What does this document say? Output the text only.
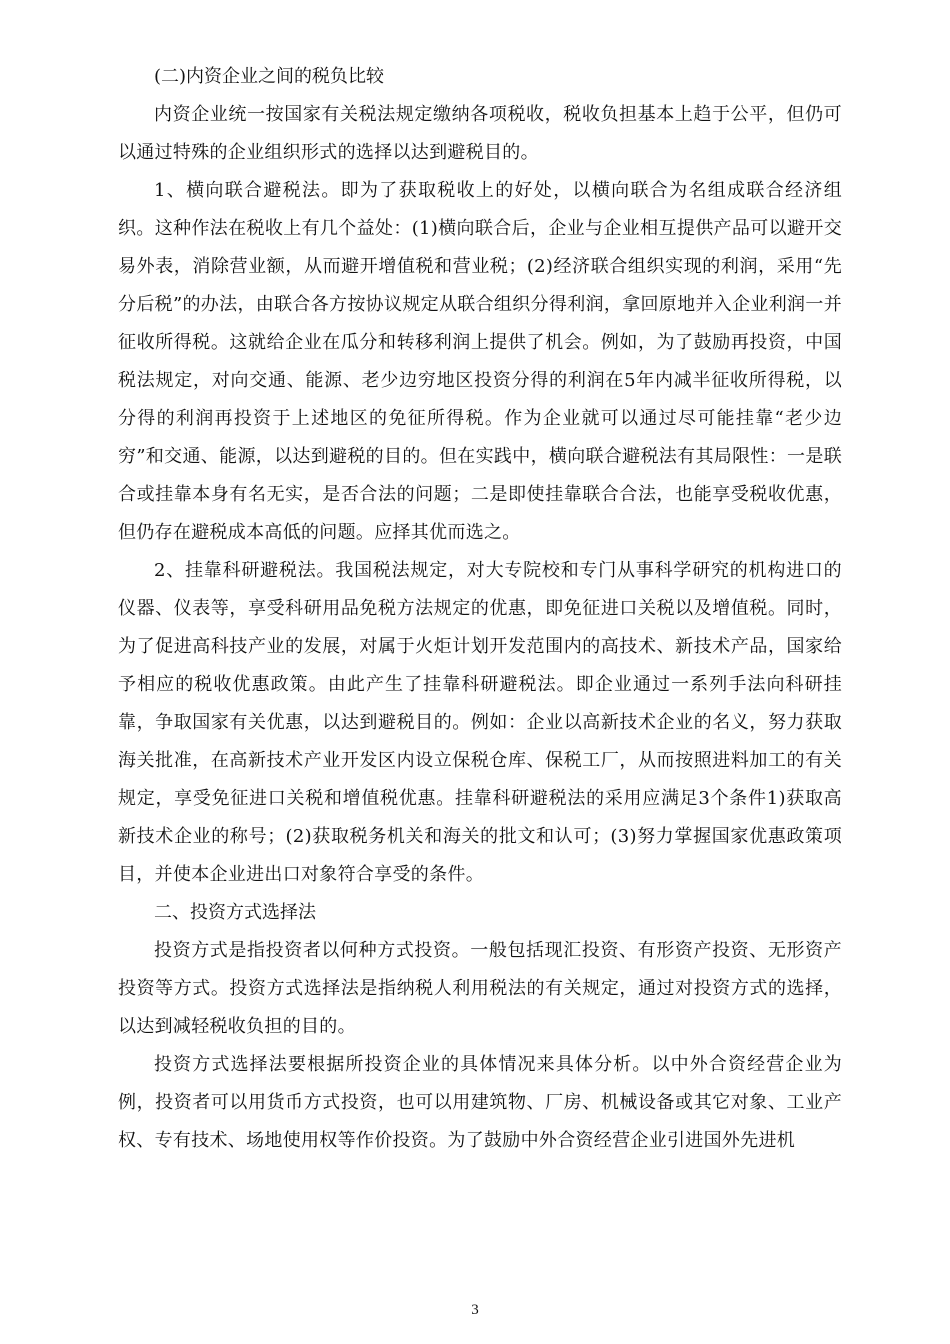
(二)内资企业之间的税负比较

内资企业统一按国家有关税法规定缴纳各项税收，税收负担基本上趋于公平，但仍可以通过特殊的企业组织形式的选择以达到避税目的。

1、横向联合避税法。即为了获取税收上的好处，以横向联合为名组成联合经济组织。这种作法在税收上有几个益处：(1)横向联合后，企业与企业相互提供产品可以避开交易外表，消除营业额，从而避开增值税和营业税；(2)经济联合组织实现的利润，采用“先分后税”的办法，由联合各方按协议规定从联合组织分得利润，拿回原地并入企业利润一并征收所得税。这就给企业在瓜分和转移利润上提供了机会。例如，为了鼓励再投资，中国税法规定，对向交通、能源、老少边穷地区投资分得的利润在5年内减半征收所得税，以分得的利润再投资于上述地区的免征所得税。作为企业就可以通过尽可能挂靠“老少边穷”和交通、能源，以达到避税的目的。但在实践中，横向联合避税法有其局限性：一是联合或挂靠本身有名无实，是否合法的问题；二是即使挂靠联合合法，也能享受税收优惠，但仍存在避税成本高低的问题。应择其优而选之。

2、挂靠科研避税法。我国税法规定，对大专院校和专门从事科学研究的机构进口的仪器、仪表等，享受科研用品免税方法规定的优惠，即免征进口关税以及增值税。同时，为了促进高科技产业的发展，对属于火炬计划开发范围内的高技术、新技术产品，国家给予相应的税收优惠政策。由此产生了挂靠科研避税法。即企业通过一系列手法向科研挂靠，争取国家有关优惠，以达到避税目的。例如：企业以高新技术企业的名义，努力获取海关批准，在高新技术产业开发区内设立保税仓库、保税工厂，从而按照进料加工的有关规定，享受免征进口关税和增值税优惠。挂靠科研避税法的采用应满足3个条件1)获取高新技术企业的称号；(2)获取税务机关和海关的批文和认可；(3)努力掌握国家优惠政策项目，并使本企业进出口对象符合享受的条件。

二、投资方式选择法

投资方式是指投资者以何种方式投资。一般包括现汇投资、有形资产投资、无形资产投资等方式。投资方式选择法是指纳税人利用税法的有关规定，通过对投资方式的选择，以达到减轻税收负担的目的。

投资方式选择法要根据所投资企业的具体情况来具体分析。以中外合资经营企业为例，投资者可以用货币方式投资，也可以用建筑物、厂房、机械设备或其它对象、工业产权、专有技术、场地使用权等作价投资。为了鼓励中外合资经营企业引进国外先进机

3
